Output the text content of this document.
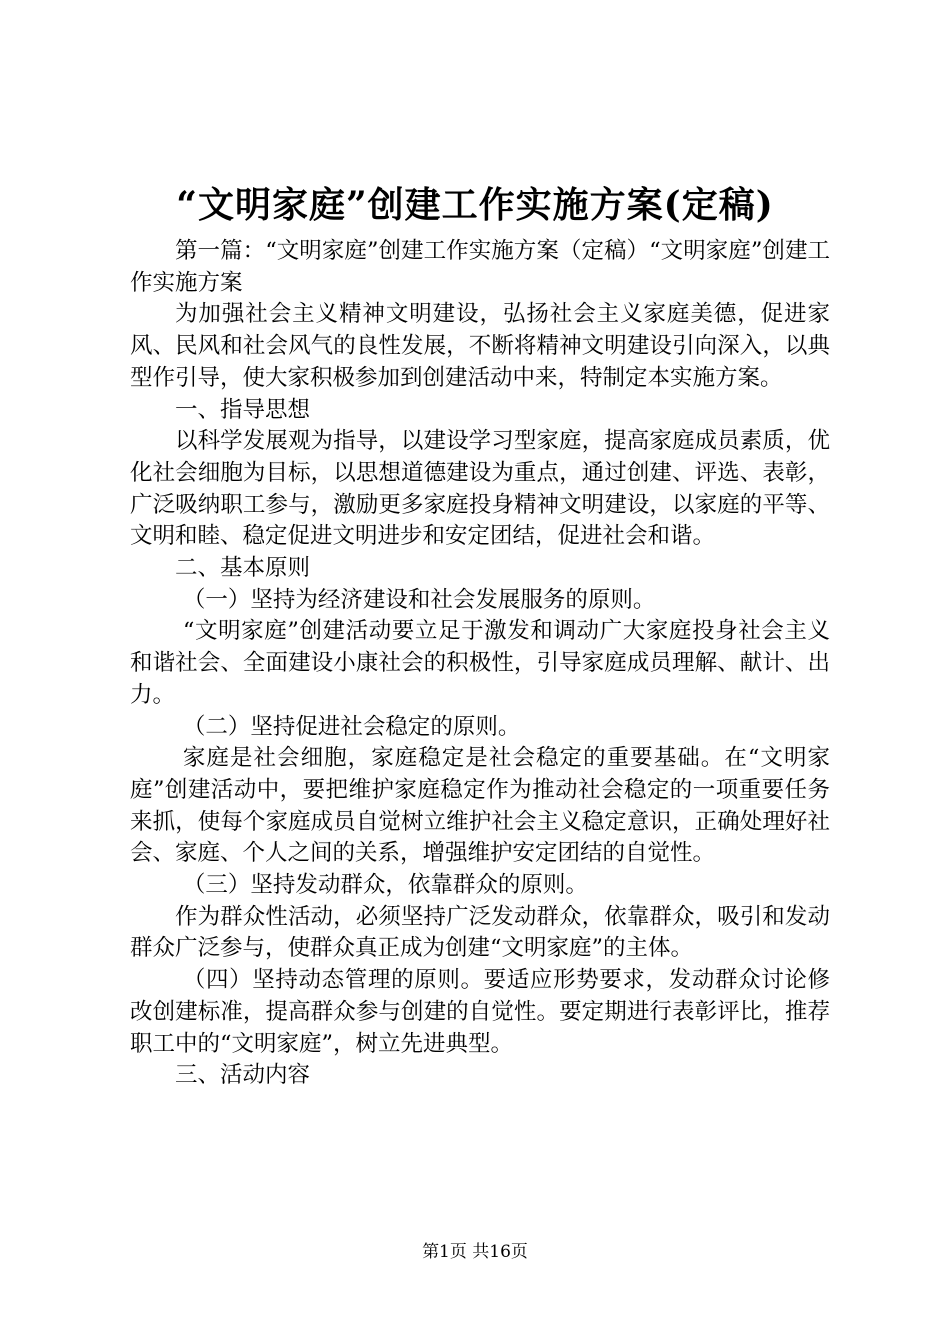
“文明家庭”创建工作实施方案(定稿)

第一篇：“文明家庭”创建工作实施方案（定稿）“文明家庭”创建工作实施方案

为加强社会主义精神文明建设，弘扬社会主义家庭美德，促进家风、民风和社会风气的良性发展，不断将精神文明建设引向深入，以典型作引导，使大家积极参加到创建活动中来，特制定本实施方案。

一、指导思想

以科学发展观为指导，以建设学习型家庭，提高家庭成员素质，优化社会细胞为目标，以思想道德建设为重点，通过创建、评选、表彰，广泛吸纳职工参与，激励更多家庭投身精神文明建设，以家庭的平等、文明和睦、稳定促进文明进步和安定团结，促进社会和谐。

二、基本原则

（一）坚持为经济建设和社会发展服务的原则。

“文明家庭”创建活动要立足于激发和调动广大家庭投身社会主义和谐社会、全面建设小康社会的积极性，引导家庭成员理解、献计、出力。

（二）坚持促进社会稳定的原则。

家庭是社会细胞，家庭稳定是社会稳定的重要基础。在“文明家庭”创建活动中，要把维护家庭稳定作为推动社会稳定的一项重要任务来抓，使每个家庭成员自觉树立维护社会主义稳定意识，正确处理好社会、家庭、个人之间的关系，增强维护安定团结的自觉性。

（三）坚持发动群众，依靠群众的原则。

作为群众性活动，必须坚持广泛发动群众，依靠群众，吸引和发动群众广泛参与，使群众真正成为创建“文明家庭”的主体。

（四）坚持动态管理的原则。要适应形势要求，发动群众讨论修改创建标准，提高群众参与创建的自觉性。要定期进行表彰评比，推荐职工中的“文明家庭”，树立先进典型。

三、活动内容

第1页 共16页
